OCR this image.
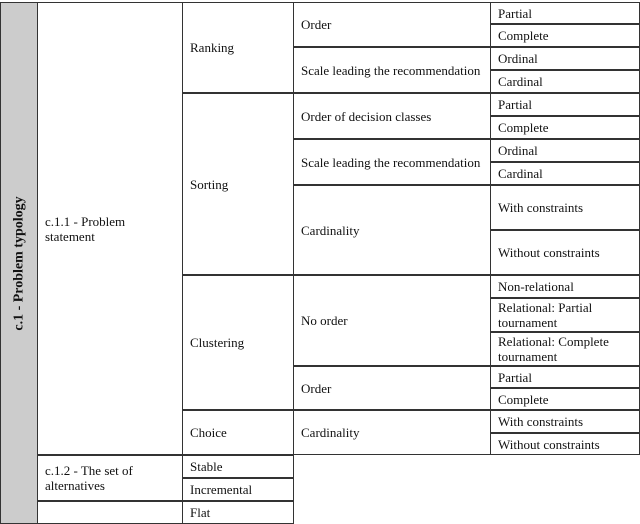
c.1 - Problem typology	c.1.1 - Problem statement
c.1.2 - The set of alternatives
Ranking
Sorting
Clustering
Choice
Stable
Incremental
Flat
Order
Scale leading the recommendation
Order of decision classes
Scale leading the recommendation
Cardinality
No order
Order
Cardinality
Partial
Complete
Ordinal
Cardinal
Partial
Complete
Ordinal
Cardinal
With constraints
Without constraints
Non-relational
Relational: Partial tournament
Relational: Complete tournament
Partial
Complete
With constraints
Without constraints
